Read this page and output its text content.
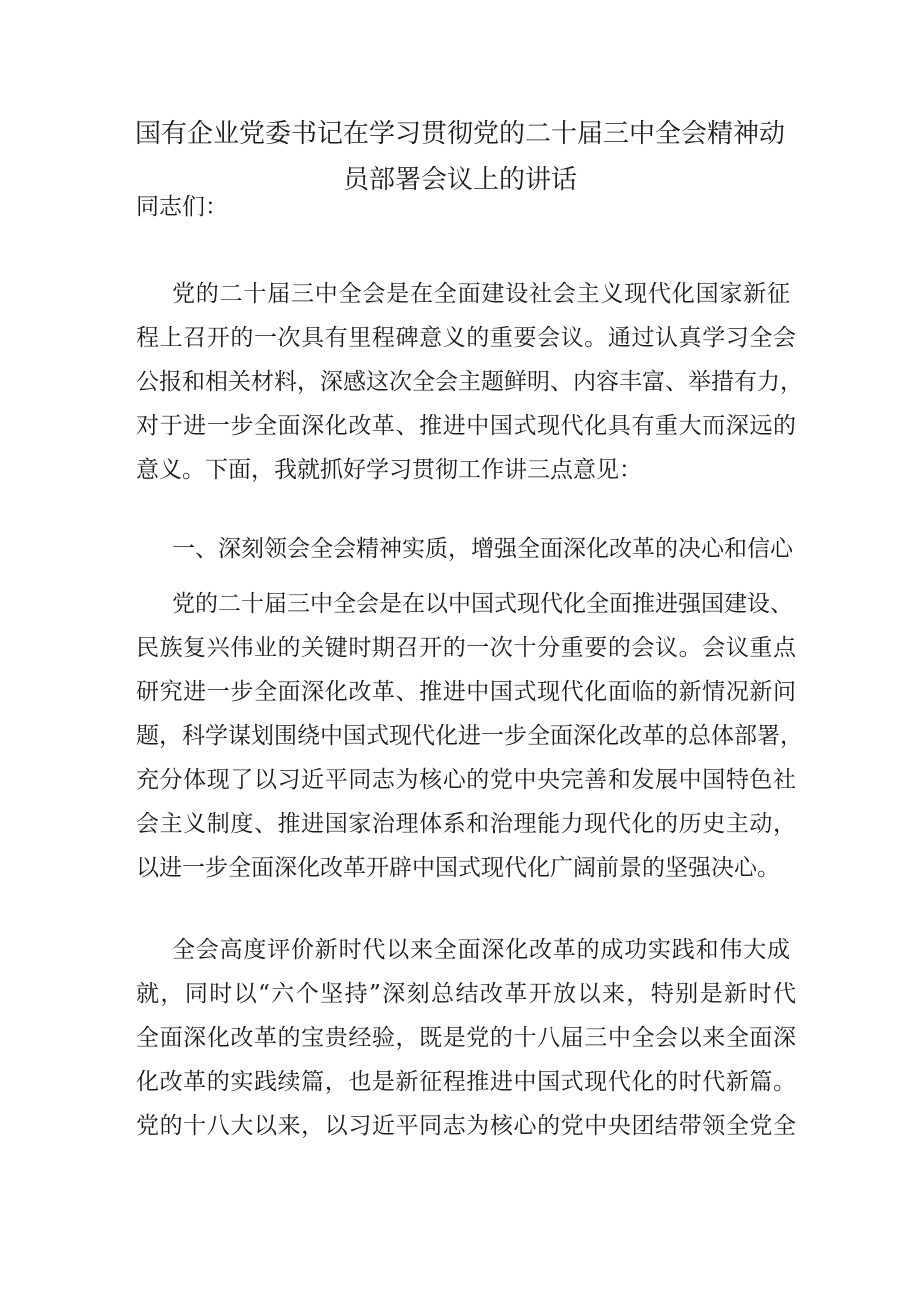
国有企业党委书记在学习贯彻党的二十届三中全会精神动
员部署会议上的讲话

同志们：

党的二十届三中全会是在全面建设社会主义现代化国家新征

程上召开的一次具有里程碑意义的重要会议。通过认真学习全会

公报和相关材料，深感这次全会主题鲜明、内容丰富、举措有力，

对于进一步全面深化改革、推进中国式现代化具有重大而深远的

意义。下面，我就抓好学习贯彻工作讲三点意见：

一、深刻领会全会精神实质，增强全面深化改革的决心和信心

党的二十届三中全会是在以中国式现代化全面推进强国建设、

民族复兴伟业的关键时期召开的一次十分重要的会议。会议重点

研究进一步全面深化改革、推进中国式现代化面临的新情况新问

题，科学谋划围绕中国式现代化进一步全面深化改革的总体部署，

充分体现了以习近平同志为核心的党中央完善和发展中国特色社

会主义制度、推进国家治理体系和治理能力现代化的历史主动，

以进一步全面深化改革开辟中国式现代化广阔前景的坚强决心。

全会高度评价新时代以来全面深化改革的成功实践和伟大成

就，同时以“六个坚持”深刻总结改革开放以来，特别是新时代

全面深化改革的宝贵经验，既是党的十八届三中全会以来全面深

化改革的实践续篇，也是新征程推进中国式现代化的时代新篇。

党的十八大以来，以习近平同志为核心的党中央团结带领全党全
